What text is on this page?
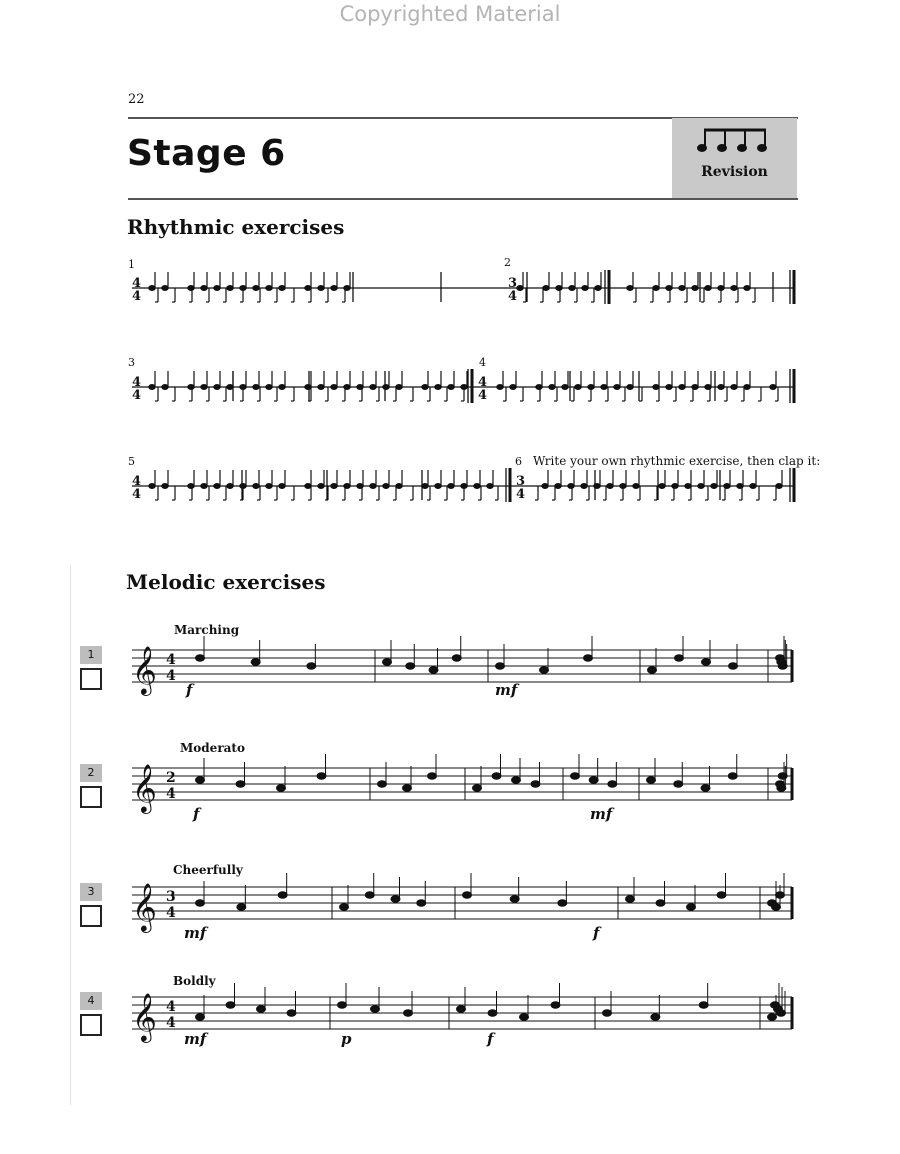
Copyrighted Material
22
Stage 6	Revision
Rhythmic exercises
1	2
3	4
5	6 Write your own rhythmic exercise, then clap it:
4
4
3
4
4
4
4
4
4
4
3
4
Melodic exercises
1
2
3
4
Marching
Moderato
Cheerfully
Boldly
f	mf
f	mf
mf	f
mf	p	f
𝄞 4
4
𝄞 2
4
𝄞 3
4
𝄞 4
4
